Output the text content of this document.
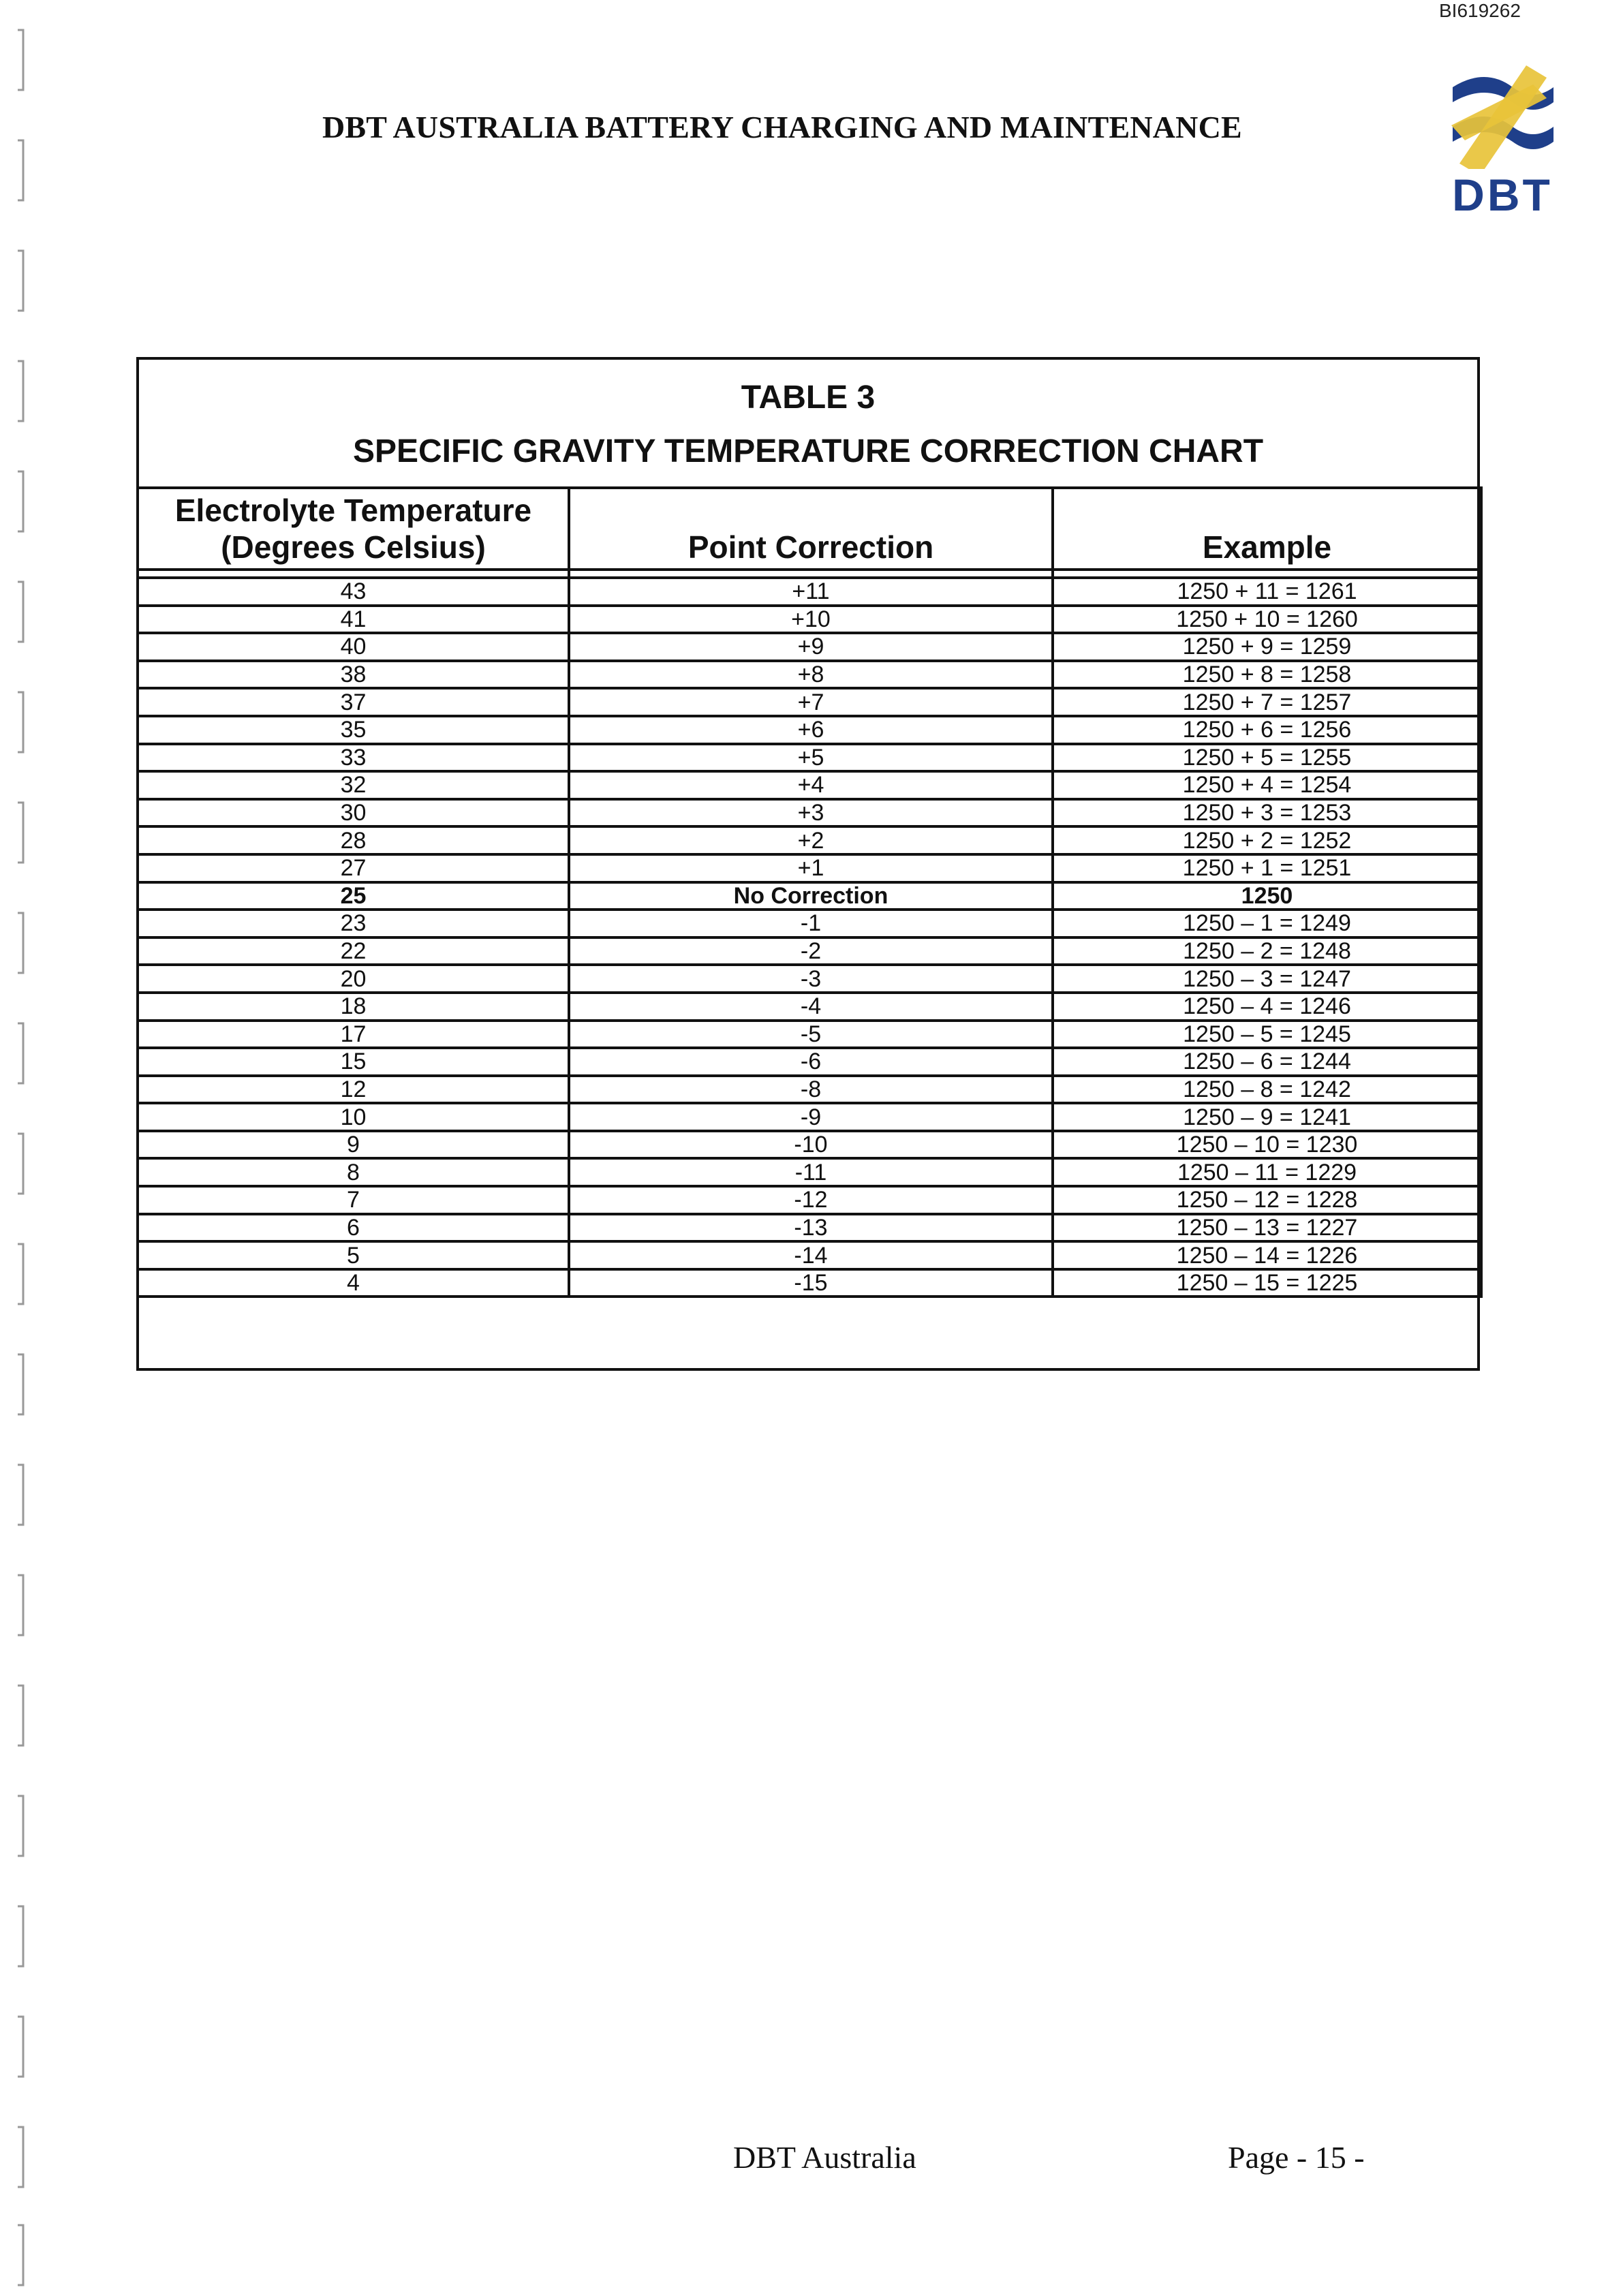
BI619262
DBT AUSTRALIA BATTERY CHARGING AND MAINTENANCE
DBT
TABLE 3
SPECIFIC GRAVITY TEMPERATURE CORRECTION CHART
Electrolyte Temperature
(Degrees Celsius)	Point Correction	Example

43	+11	1250 + 11 = 1261
41	+10	1250 + 10 = 1260
40	+9	1250 + 9 = 1259
38	+8	1250 + 8 = 1258
37	+7	1250 + 7 = 1257
35	+6	1250 + 6 = 1256
33	+5	1250 + 5 = 1255
32	+4	1250 + 4 = 1254
30	+3	1250 + 3 = 1253
28	+2	1250 + 2 = 1252
27	+1	1250 + 1 = 1251
25	No Correction	1250
23	-1	1250 – 1 = 1249
22	-2	1250 – 2 = 1248
20	-3	1250 – 3 = 1247
18	-4	1250 – 4 = 1246
17	-5	1250 – 5 = 1245
15	-6	1250 – 6 = 1244
12	-8	1250 – 8 = 1242
10	-9	1250 – 9 = 1241
9	-10	1250 – 10 = 1230
8	-11	1250 – 11 = 1229
7	-12	1250 – 12 = 1228
6	-13	1250 – 13 = 1227
5	-14	1250 – 14 = 1226
4	-15	1250 – 15 = 1225
DBT Australia	Page - 15 -
